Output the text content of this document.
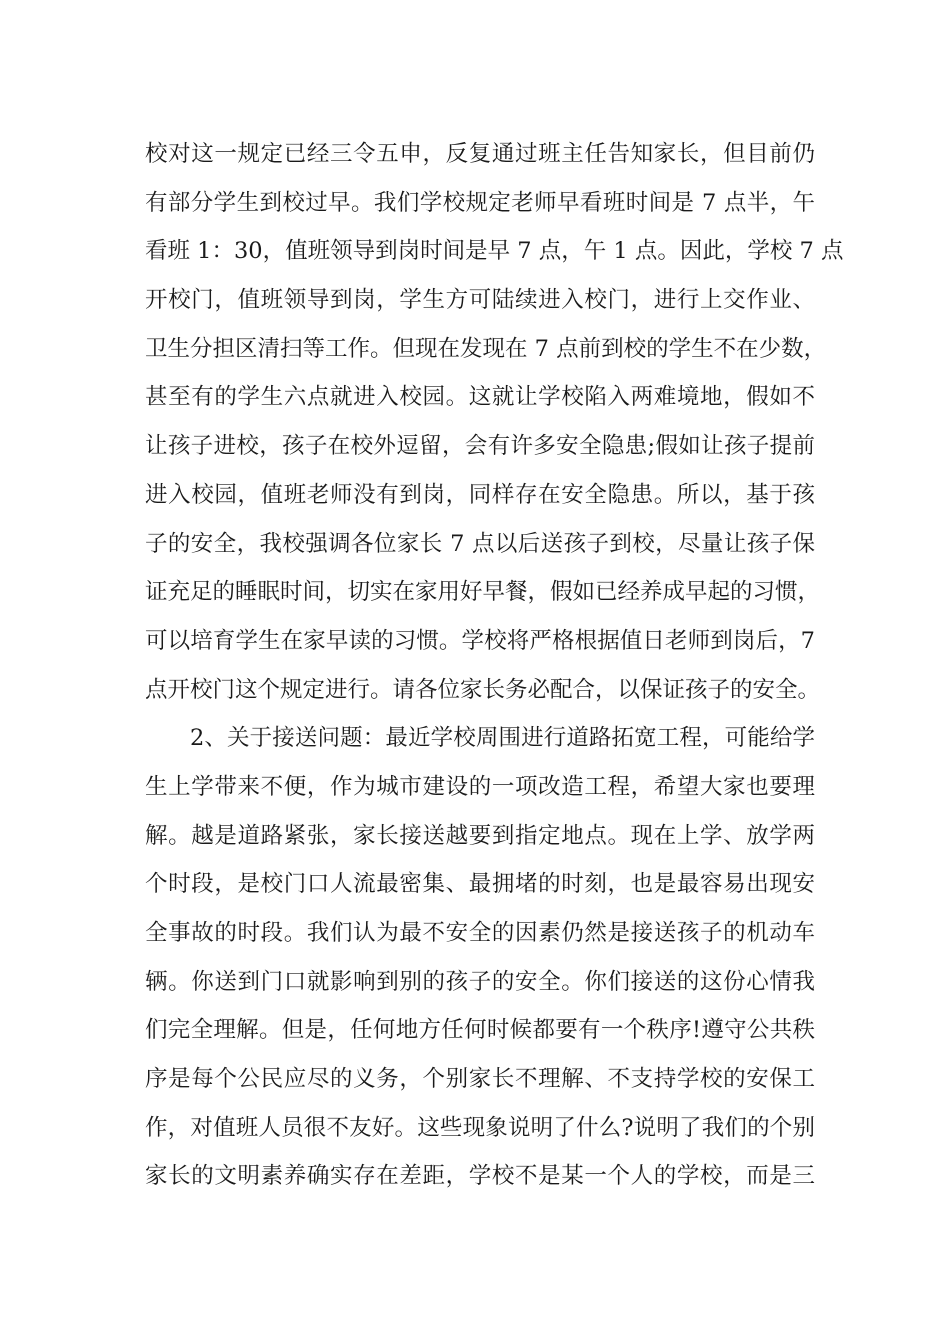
校对这一规定已经三令五申，反复通过班主任告知家长，但目前仍
有部分学生到校过早。我们学校规定老师早看班时间是 7 点半，午
看班 1：30，值班领导到岗时间是早 7 点，午 1 点。因此，学校 7 点
开校门，值班领导到岗，学生方可陆续进入校门，进行上交作业、
卫生分担区清扫等工作。但现在发现在 7 点前到校的学生不在少数，
甚至有的学生六点就进入校园。这就让学校陷入两难境地，假如不
让孩子进校，孩子在校外逗留，会有许多安全隐患;假如让孩子提前
进入校园，值班老师没有到岗，同样存在安全隐患。所以，基于孩
子的安全，我校强调各位家长 7 点以后送孩子到校，尽量让孩子保
证充足的睡眠时间，切实在家用好早餐，假如已经养成早起的习惯，
可以培育学生在家早读的习惯。学校将严格根据值日老师到岗后，7
点开校门这个规定进行。请各位家长务必配合，以保证孩子的安全。
2、关于接送问题：最近学校周围进行道路拓宽工程，可能给学
生上学带来不便，作为城市建设的一项改造工程，希望大家也要理
解。越是道路紧张，家长接送越要到指定地点。现在上学、放学两
个时段，是校门口人流最密集、最拥堵的时刻，也是最容易出现安
全事故的时段。我们认为最不安全的因素仍然是接送孩子的机动车
辆。你送到门口就影响到别的孩子的安全。你们接送的这份心情我
们完全理解。但是，任何地方任何时候都要有一个秩序!遵守公共秩
序是每个公民应尽的义务，个别家长不理解、不支持学校的安保工
作，对值班人员很不友好。这些现象说明了什么?说明了我们的个别
家长的文明素养确实存在差距，学校不是某一个人的学校，而是三
